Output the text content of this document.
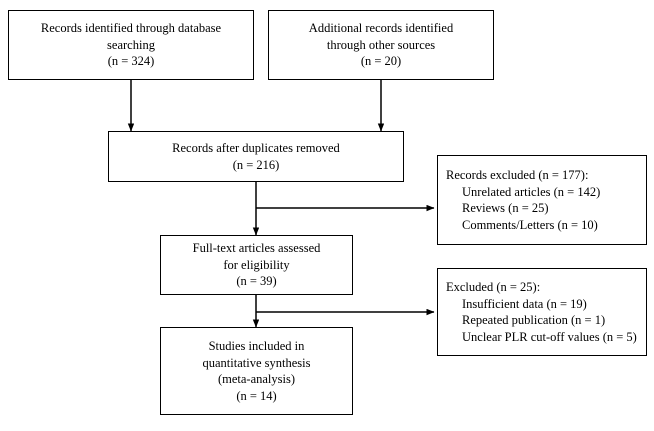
Records identified through database
searching
(n = 324)
Additional records identified
through other sources
(n = 20)
Records after duplicates removed
(n = 216)
Records excluded (n = 177):
Unrelated articles (n = 142)
Reviews (n = 25)
Comments/Letters (n = 10)
Full-text articles assessed
for eligibility
(n = 39)	Excluded (n = 25):
Insufficient data (n = 19)
Repeated publication (n = 1)
Unclear PLR cut-off values (n = 5)
Studies included in
quantitative synthesis
(meta-analysis)
(n = 14)
